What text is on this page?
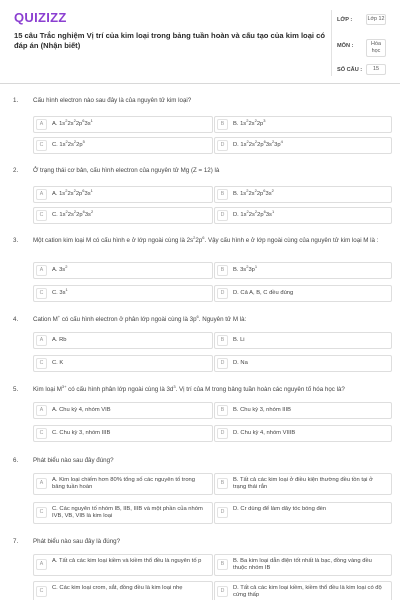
QUIZIZZ
15 câu Trắc nghiệm Vị trí của kim loại trong bảng tuần hoàn và cấu tạo của kim loại có đáp án (Nhận biết)
LỚP :	Lớp 12
MÔN :	Hóa học
SỐ CÂU :	15
1. Cấu hình electron nào sau đây là của nguyên tử kim loại?
A	A. $1s^22s^22p^63s^1$
B	B. $1s^22s^22p^3$
C	C. $1s^22s^22p^5$
D	D. $1s^22s^22p^63s^23p^4$
2. Ở trạng thái cơ bản, cấu hình electron của nguyên tử Mg (Z = 12) là
A	A. $1s^22s^22p^63s^1$
B	B. $1s^22s^22p^63s^2$
C	C. $1s^22s^22p^63s^2$
D	D. $1s^22s^22p^63s^1$
3. Một cation kim loại M có cấu hình e ở lớp ngoài cùng là $2s^22p^6$. Vậy cấu hình e ở lớp ngoài cùng của nguyên tử kim loại M là :
A	A. $3s^2$
B	B. $3s^23p^1$
C	C. $3s^1$
D	D. Cả A, B, C đều đúng
4. Cation M+ có cấu hình electron ở phân lớp ngoài cùng là $3p^6$. Nguyên tử M là:
A	A. Rb	B	B. Li
C	C. K	D	D. Na
5. Kim loại $M^{3+}$ có cấu hình phân lớp ngoài cùng là $3d^3$. Vị trí của M trong bảng tuần hoàn các nguyên tố hóa học là?
A	A. Chu kỳ 4, nhóm VIB	B	B. Chu kỳ 3, nhóm IIIB
C	C. Chu kỳ 3, nhóm IIIB	D	D. Chu kỳ 4, nhóm VIIIB
6. Phát biểu nào sau đây đúng?
A	A. Kim loại chiếm hơn 80% tổng số các nguyên tố trong bảng tuần hoàn
B	B. Tất cả các kim loại ở điều kiện thường đều tồn tại ở trạng thái rắn
C	C. Các nguyên tố nhóm IB, IIB, IIIB và một phần của nhóm IVB, VB, VIB là kim loại
D	D. Cr dùng để làm dây tóc bóng đèn
7. Phát biểu nào sau đây là đúng?
A	A. Tất cả các kim loại kiềm và kiềm thổ đều là nguyên tố p	B	B. Ba kim loại dẫn điện tốt nhất là bạc, đồng vàng đều thuộc nhóm IB
C	C. Các kim loại crom, sắt, đồng đều là kim loại nhẹ	D	D. Tất cả các kim loại kiềm, kiềm thổ đều là kim loại có độ cứng thấp
